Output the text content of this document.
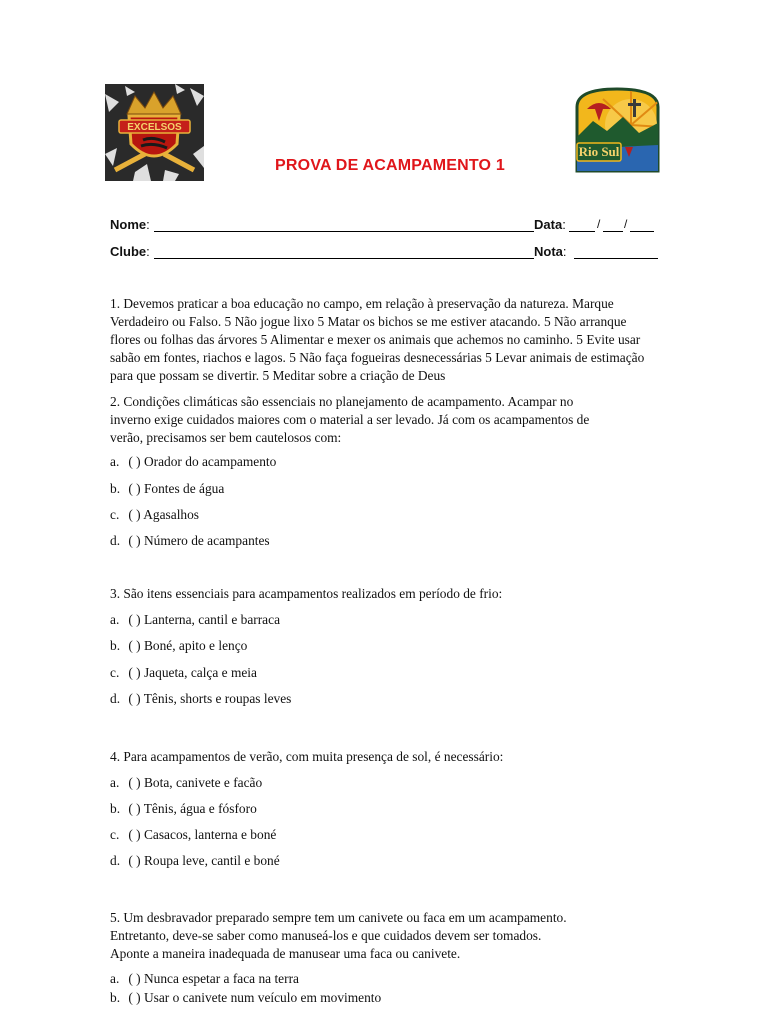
EXCELSOS
Rio Sul
PROVA DE ACAMPAMENTO 1
Nome:	Data:	/ /
Clube:	Nota:

1. Devemos praticar a boa educação no campo, em relação à preservação da natureza. Marque

Verdadeiro ou Falso. 5 Não jogue lixo 5 Matar os bichos se me estiver atacando. 5 Não arranque

flores ou folhas das árvores 5 Alimentar e mexer os animais que achemos no caminho. 5 Evite usar

sabão em fontes, riachos e lagos. 5 Não faça fogueiras desnecessárias 5 Levar animais de estimação

para que possam se divertir. 5 Meditar sobre a criação de Deus

2. Condições climáticas são essenciais no planejamento de acampamento. Acampar no

inverno exige cuidados maiores com o material a ser levado. Já com os acampamentos de

verão, precisamos ser bem cautelosos com:

a. ( ) Orador do acampamento
b. ( ) Fontes de água
c. ( ) Agasalhos
d. ( ) Número de acampantes

3. São itens essenciais para acampamentos realizados em período de frio:

a. ( ) Lanterna, cantil e barraca
b. ( ) Boné, apito e lenço
c. ( ) Jaqueta, calça e meia
d. ( ) Tênis, shorts e roupas leves

4. Para acampamentos de verão, com muita presença de sol, é necessário:

a. ( ) Bota, canivete e facão
b. ( ) Tênis, água e fósforo
c. ( ) Casacos, lanterna e boné
d. ( ) Roupa leve, cantil e boné

5. Um desbravador preparado sempre tem um canivete ou faca em um acampamento.

Entretanto, deve-se saber como manuseá-los e que cuidados devem ser tomados.

Aponte a maneira inadequada de manusear uma faca ou canivete.

a. ( ) Nunca espetar a faca na terra
b. ( ) Usar o canivete num veículo em movimento
